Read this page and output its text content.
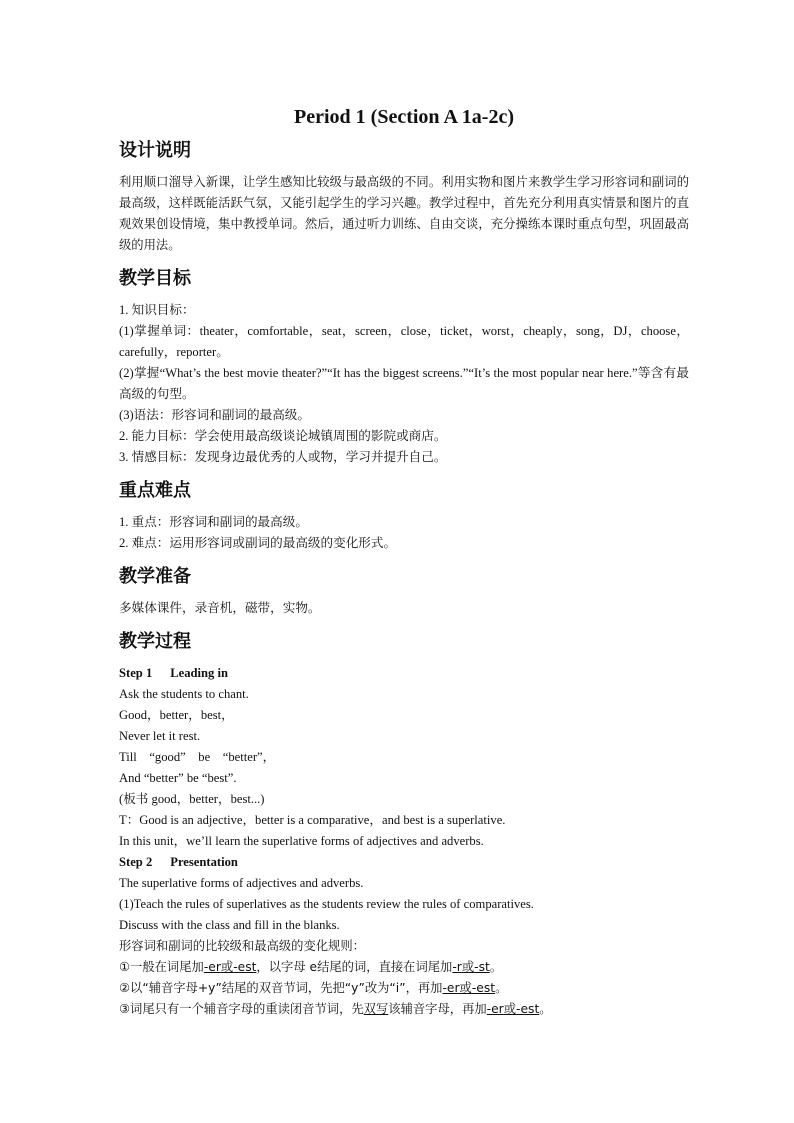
Period 1 (Section A 1a-2c)
设计说明

利用顺口溜导入新课，让学生感知比较级与最高级的不同。利用实物和图片来教学生学习形容词和副词的最高级，这样既能活跃气氛，又能引起学生的学习兴趣。教学过程中，首先充分利用真实情景和图片的直观效果创设情境，集中教授单词。然后，通过听力训练、自由交谈，充分操练本课时重点句型，巩固最高级的用法。

教学目标

1. 知识目标：

(1)掌握单词：theater，comfortable，seat，screen，close，ticket，worst，cheaply，song，DJ，choose，carefully，reporter。

(2)掌握“What’s the best movie theater?”“It has the biggest screens.”“It’s the most popular near here.”等含有最高级的句型。

(3)语法：形容词和副词的最高级。

2. 能力目标：学会使用最高级谈论城镇周围的影院或商店。

3. 情感目标：发现身边最优秀的人或物，学习并提升自己。

重点难点

1. 重点：形容词和副词的最高级。

2. 难点：运用形容词或副词的最高级的变化形式。

教学准备

多媒体课件，录音机，磁带，实物。

教学过程

Step 1 Leading in

Ask the students to chant.

Good，better，best，

Never let it rest.

Till　“good”　be　“better”，

And “better” be “best”.

(板书 good，better，best...)

T：Good is an adjective，better is a comparative，and best is a superlative.

In this unit，we’ll learn the superlative forms of adjectives and adverbs.

Step 2 Presentation

The superlative forms of adjectives and adverbs.

(1)Teach the rules of superlatives as the students review the rules of comparatives.

Discuss with the class and fill in the blanks.

形容词和副词的比较级和最高级的变化规则：

①一般在词尾加-er或-est，以字母 e结尾的词，直接在词尾加-r或-st。

②以“辅音字母+y”结尾的双音节词，先把“y”改为“i”，再加-er或-est。

③词尾只有一个辅音字母的重读闭音节词，先双写该辅音字母，再加-er或-est。
